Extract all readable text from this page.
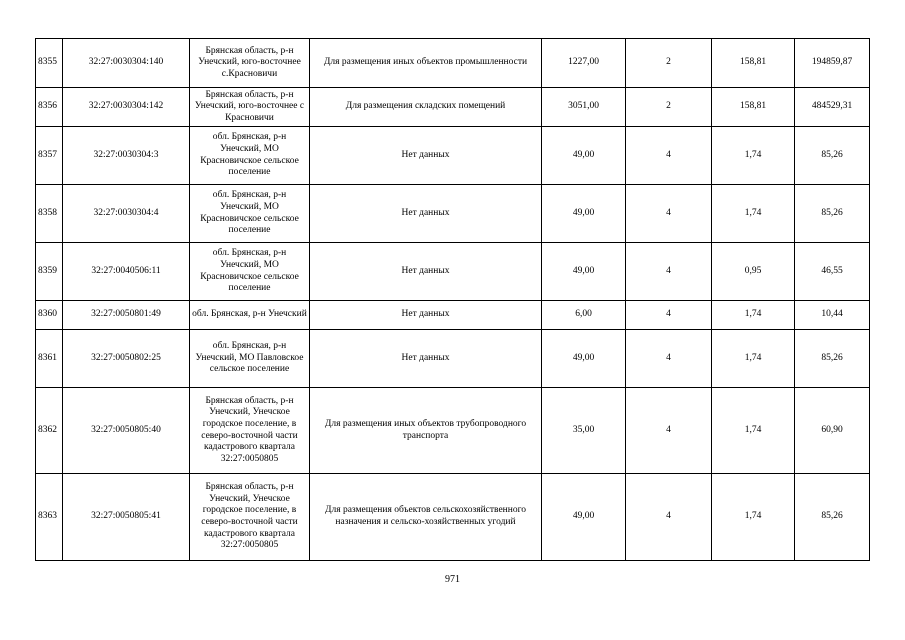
8355	32:27:0030304:140	Брянская область, р-н Унечский, юго-восточнее с.Красновичи	Для размещения иных объектов промышленности	1227,00	2	158,81	194859,87
8356	32:27:0030304:142	Брянская область, р-н Унечский, юго-восточнее с Красновичи	Для размещения складских помещений	3051,00	2	158,81	484529,31
8357	32:27:0030304:3	обл. Брянская, р-н Унечский, МО Красновичское сельское поселение	Нет данных	49,00	4	1,74	85,26
8358	32:27:0030304:4	обл. Брянская, р-н Унечский, МО Красновичское сельское поселение	Нет данных	49,00	4	1,74	85,26
8359	32:27:0040506:11	обл. Брянская, р-н Унечский, МО Красновичское сельское поселение	Нет данных	49,00	4	0,95	46,55
8360	32:27:0050801:49	обл. Брянская, р-н Унечский	Нет данных	6,00	4	1,74	10,44
8361	32:27:0050802:25	обл. Брянская, р-н Унечский, МО Павловское сельское поселение	Нет данных	49,00	4	1,74	85,26
8362	32:27:0050805:40	Брянская область, р-н Унечский, Унечское городское поселение, в северо-восточной части кадастрового квартала 32:27:0050805	Для размещения иных объектов трубопроводного транспорта	35,00	4	1,74	60,90
8363	32:27:0050805:41	Брянская область, р-н Унечский, Унечское городское поселение, в северо-восточной части кадастрового квартала 32:27:0050805	Для размещения объектов сельскохозяйственного назначения и сельско-хозяйственных угодий	49,00	4	1,74	85,26
971
